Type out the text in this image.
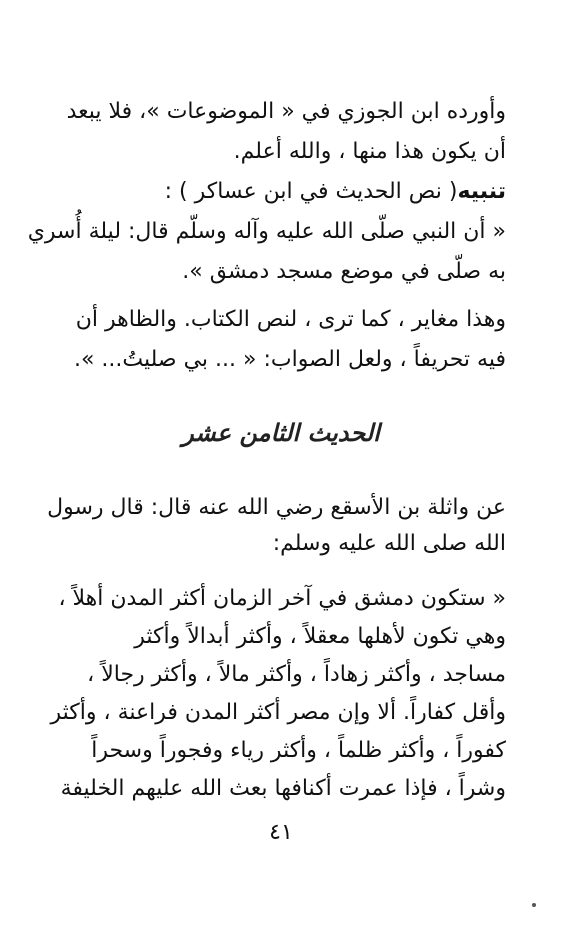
وأورده ابن الجوزي في « الموضوعات »، فلا يبعد
أن يكون هذا منها ، والله أعلم.
تنبيه( نص الحديث في ابن عساكر ) :
« أن النبي صلّى الله عليه وآله وسلّم قال: ليلة أُسري
به صلّى في موضع مسجد دمشق ».
وهذا مغاير ، كما ترى ، لنص الكتاب. والظاهر أن
فيه تحريفاً ، ولعل الصواب: « ... بي صليتُ... ».
الحديث الثامن عشر
عن واثلة بن الأسقع رضي الله عنه قال: قال رسول
الله صلى الله عليه وسلم:
« ستكون دمشق في آخر الزمان أكثر المدن أهلاً ،
وهي تكون لأهلها معقلاً ، وأكثر أبدالاً وأكثر
مساجد ، وأكثر زهاداً ، وأكثر مالاً ، وأكثر رجالاً ،
وأقل كفاراً. ألا وإن مصر أكثر المدن فراعنة ، وأكثر
كفوراً ، وأكثر ظلماً ، وأكثر رياء وفجوراً وسحراً
وشراً ، فإذا عمرت أكنافها بعث الله عليهم الخليفة
٤١
